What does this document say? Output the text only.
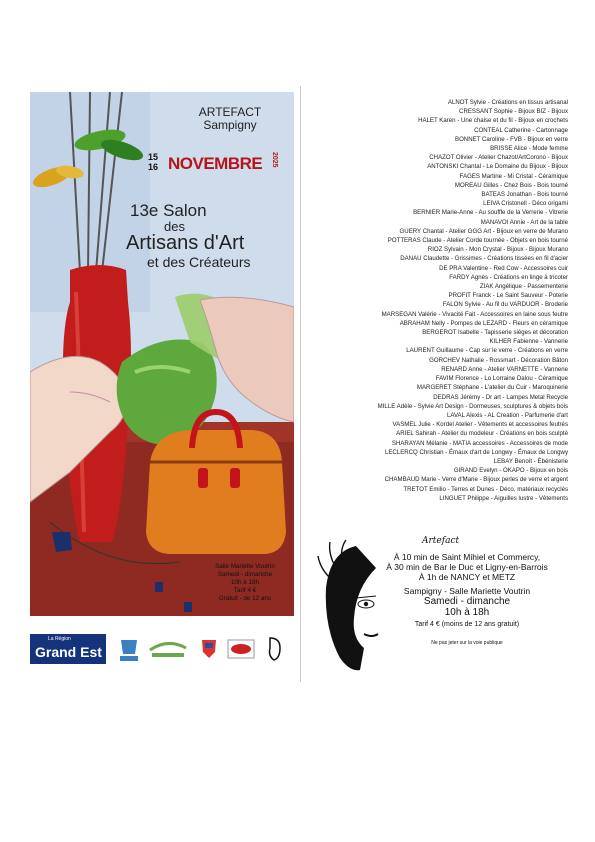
ARTEFACT
Sampigny
15
16 NOVEMBRE 2025
13e Salon
des
Artisans d'Art
et des Créateurs
Salle Mariette Voutrin
Samedi - dimanche
10h à 18h
Tarif 4 €
Gratuit - de 12 ans
La Région
Grand Est
ALNOT Sylvie - Créations en tissus artisanal
CRESSANT Sophie - Bijoux BIZ - Bijoux
HALET Karen - Une chaise et du fil - Bijoux en crochets
CONTEAL Catherine - Cartonnage
BONNET Caroline - FVB - Bijoux en verre
BRISSE Alice - Mode femme
CHAZOT Olivier - Atelier Chazot/ArtCorono - Bijoux
ANTONSKI Chantal - Le Domaine du Bijoux - Bijoux
FAGES Martine - Mi Cristal - Céramique
MOREAU Gilles - Chez Bois - Bois tourné
BATEAS Jonathan - Bois tourné
LEIVA Cristonell - Déco origami
BERNIER Marie-Anne - Au souffle de la Verrerie - Vitrerie
MANAVOI Annie - Art de la table
GUERY Chantal - Atelier GGG Art - Bijoux en verre de Murano
POTTERAS Claude - Atelier Corde tournée - Objets en bois tourné
RIOZ Sylvain - Mon Crystal - Bijoux - Bijoux Murano
DANAU Claudette - Grissimes - Créations tissées en fil d'acier
DE PRA Valentine - Red Cow - Accessoires cuir
FARDY Agnès - Créations en linge à tricoter
ZIAK Angélique - Passementerie
PROFIT Franck - Le Saint Sauveur - Poterie
FALON Sylvie - Au fil du VARDUOR - Broderie
MARSEGAN Valérie - Vivacité Fait - Accessoires en laine sous feutre
ABRAHAM Nelly - Pompes de LEZARD - Fleurs en céramique
BERGEROT Isabelle - Tapisserie sièges et décoration
KILHER Fabienne - Vannerie
LAURENT Guillaume - Cap sur le verre - Créations en verre
GORCHEV Nathalie - Rossmart - Décoration Bâton
RENARD Anne - Atelier VARNETTE - Vannerie
FAVIM Florence - Lo Lorraine Dalou - Céramique
MARGERET Stéphane - L'atelier du Cuir - Maroquinerie
DEDRAS Jérémy - Dr art - Lampes Metal Recycle
MILLE Adèle - Sylvie Art Design - Dormeuses, sculptures & objets bois
LAVAL Alexis - AL Creation - Parfumerie d'art
VASMEL Julie - Kordel Atelier - Vêtements et accessoires feutrés
ARIEL Sahirah - Atelier du modeleur - Créations en bois sculpté
SHARAYAN Mélanie - MATIA accessoires - Accessoires de mode
LECLERCQ Christian - Émaux d'art de Longwy - Émaux de Longwy
LEBAY Benoît - Ébénisterie
GIRAND Evelyn - OKAPO - Bijoux en bois
CHAMBAUD Marie - Verre d'Marie - Bijoux perles de verre et argent
TRETOT Emilio - Terres et Dunes - Déco, matériaux recyclés
LINGUET Philippe - Aiguilles lustre - Vêtements
Artefact
À 10 min de Saint Mihiel et Commercy,
À 30 min de Bar le Duc et Ligny-en-Barrois
À 1h de NANCY et METZ
Sampigny - Salle Mariette Voutrin
Samedi - dimanche
10h à 18h
Tarif 4 € (moins de 12 ans gratuit)
Ne pas jeter sur la voie publique
